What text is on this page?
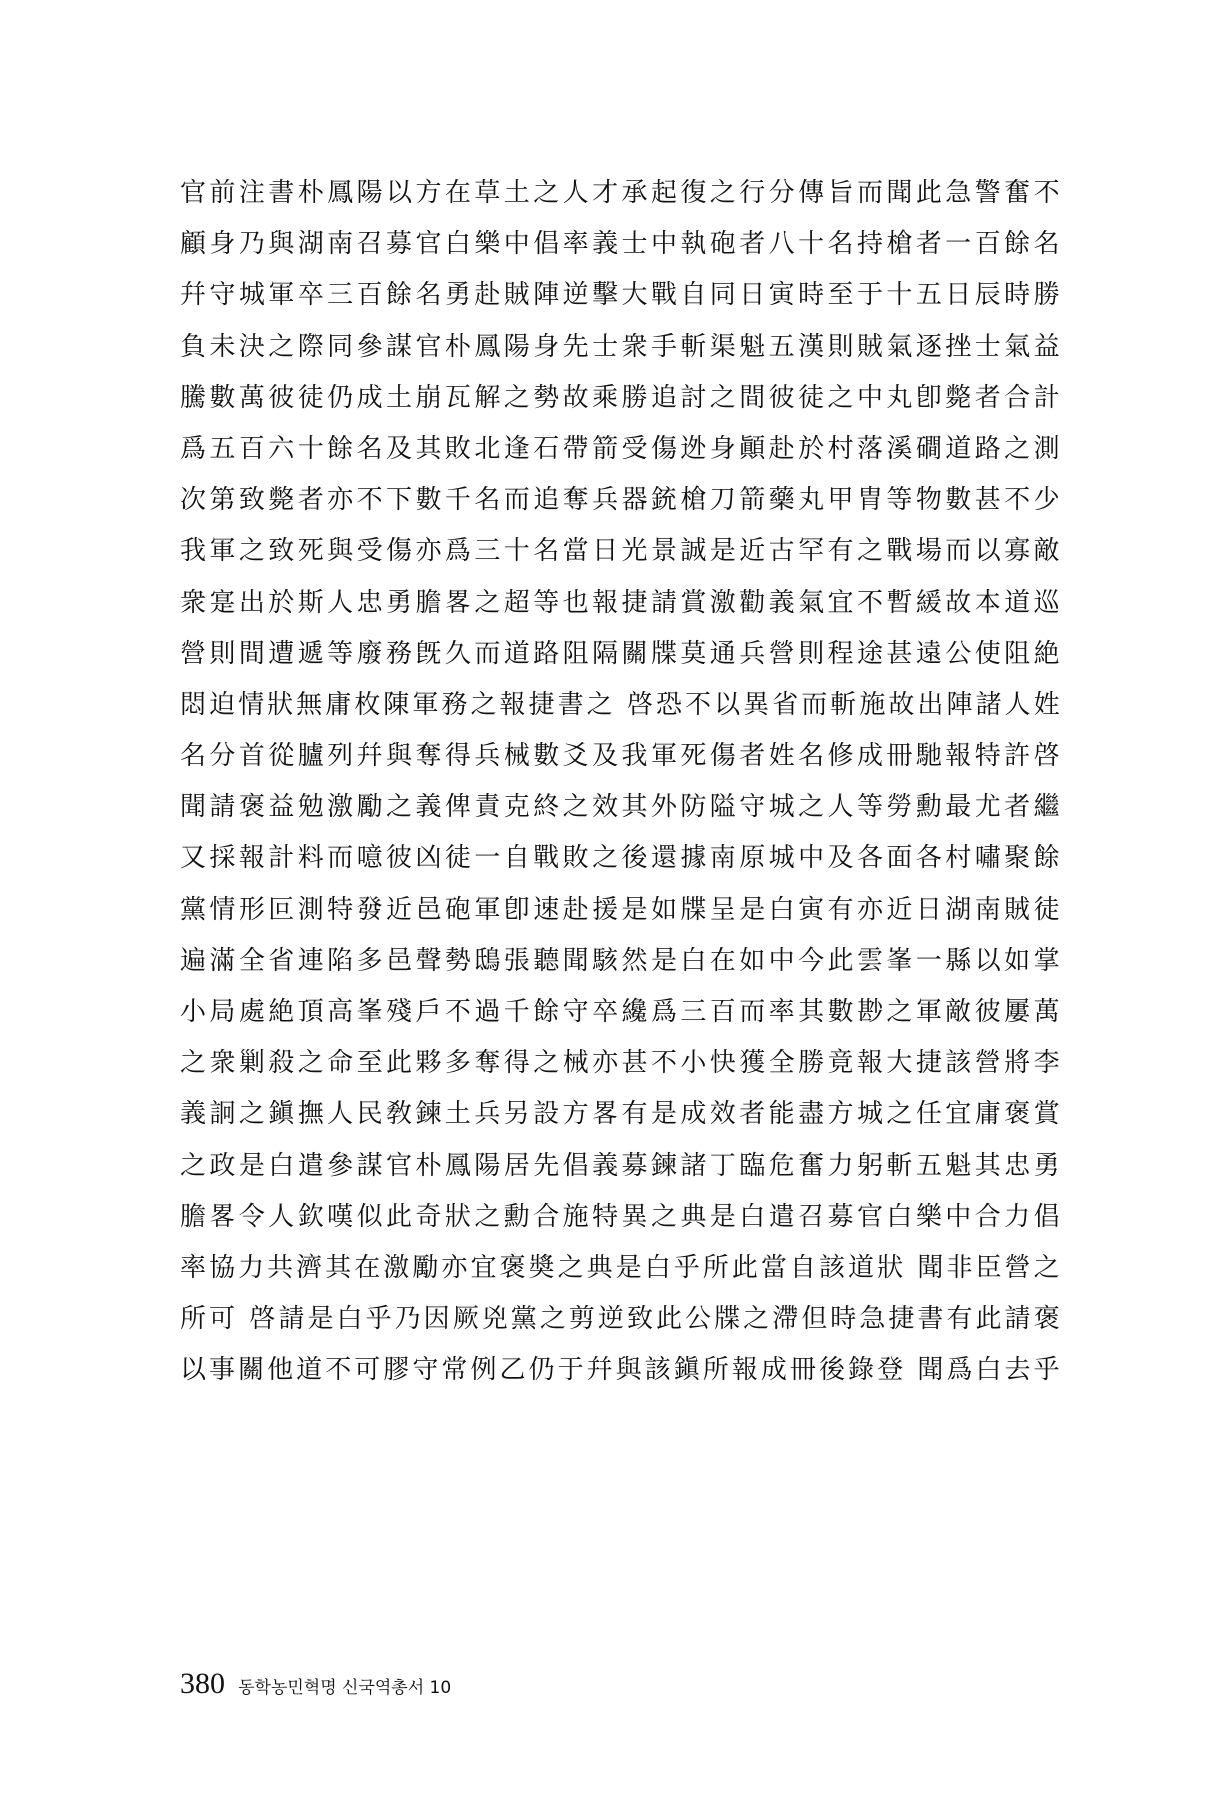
官前注書朴鳳陽以方在草土之人才承起復之行分傳旨而聞此急警奮不
顧身乃與湖南召募官白樂中倡率義士中執砲者八十名持槍者一百餘名
幷守城軍卒三百餘名勇赴賊陣逆擊大戰自同日寅時至于十五日辰時勝
負未決之際同參謀官朴鳳陽身先士衆手斬渠魁五漢則賊氣逐挫士氣益
騰數萬彼徒仍成土崩瓦解之勢故乘勝追討之間彼徒之中丸卽斃者合計
爲五百六十餘名及其敗北逢石帶箭受傷迯身顚赴於村落溪磵道路之測
次第致斃者亦不下數千名而追奪兵器銃槍刀箭藥丸甲胄等物數甚不少
我軍之致死與受傷亦爲三十名當日光景誠是近古罕有之戰場而以寡敵
衆寔出於斯人忠勇膽畧之超等也報捷請賞激勸義氣宜不暫緩故本道巡
營則間遭遞等廢務旣久而道路阻隔關牒莫通兵營則程途甚遠公使阻絶
悶迫情狀無庸枚陳軍務之報捷書之 啓恐不以異省而斬施故出陣諸人姓
名分首從臚列幷與奪得兵械數爻及我軍死傷者姓名修成冊馳報特許啓
聞請褒益勉激勵之義俾責克終之效其外防隘守城之人等勞勳最尤者繼
又採報計料而噫彼凶徒一自戰敗之後還據南原城中及各面各村嘯聚餘
黨情形叵測特發近邑砲軍卽速赴援是如牒呈是白寅有亦近日湖南賊徒
遍滿全省連陷多邑聲勢鴟張聽聞駭然是白在如中今此雲峯一縣以如掌
小局處絶頂高峯殘戶不過千餘守卒纔爲三百而率其數尠之軍敵彼屢萬
之衆剿殺之命至此夥多奪得之械亦甚不小快獲全勝竟報大捷該營將李
義詗之鎭撫人民敎鍊土兵另設方畧有是成效者能盡方城之任宜庸褒賞
之政是白遣參謀官朴鳳陽居先倡義募鍊諸丁臨危奮力躬斬五魁其忠勇
膽畧令人欽嘆似此奇狀之勳合施特異之典是白遣召募官白樂中合力倡
率協力共濟其在激勵亦宜褒奬之典是白乎所此當自該道狀 聞非臣營之
所可 啓請是白乎乃因厥兇黨之剪逆致此公牒之滯但時急捷書有此請褒
以事關他道不可膠守常例乙仍于幷與該鎭所報成冊後錄登 聞爲白去乎
380 동학농민혁명 신국역총서 10
